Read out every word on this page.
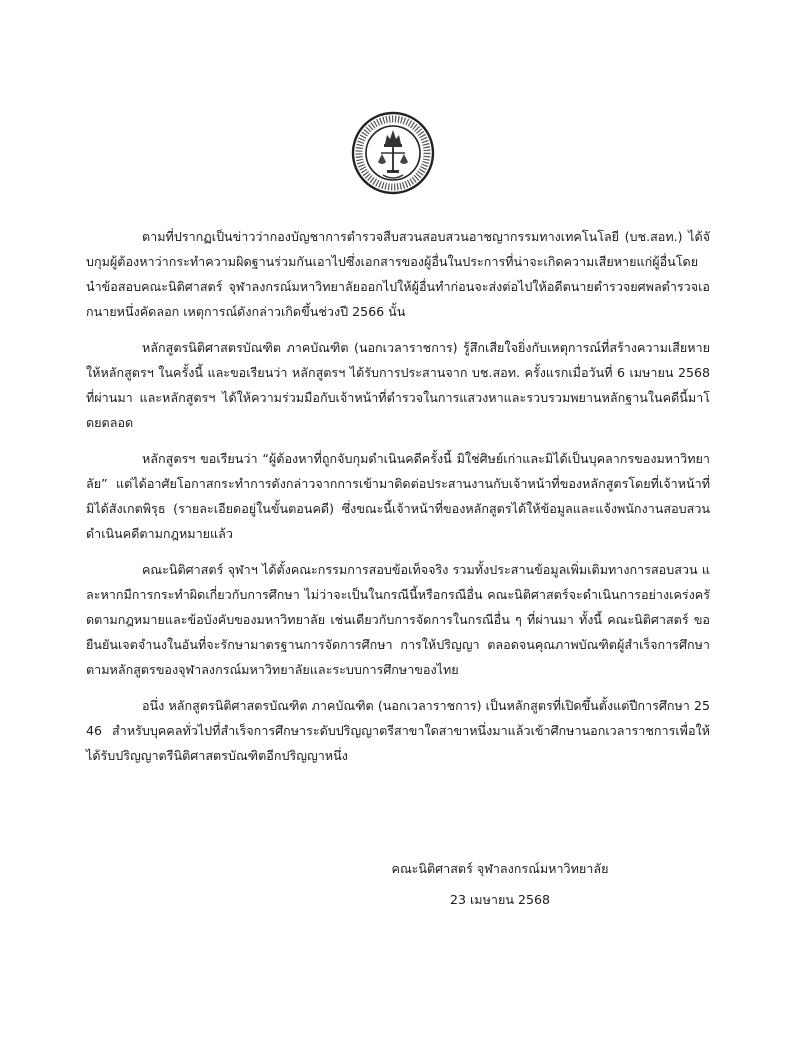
ตามที่ปรากฏเป็นข่าวว่ากองบัญชาการตำรวจสืบสวนสอบสวนอาชญากรรมทางเทคโนโลยี (บช.สอท.) ได้จับกุมผู้ต้องหาว่ากระทำความผิดฐานร่วมกันเอาไปซึ่งเอกสารของผู้อื่นในประการที่น่าจะเกิดความเสียหายแก่ผู้อื่นโดยนำข้อสอบคณะนิติศาสตร์ จุฬาลงกรณ์มหาวิทยาลัยออกไปให้ผู้อื่นทำก่อนจะส่งต่อไปให้อดีตนายตำรวจยศพลตำรวจเอกนายหนึ่งคัดลอก เหตุการณ์ดังกล่าวเกิดขึ้นช่วงปี 2566 นั้น

หลักสูตรนิติศาสตรบัณฑิต ภาคบัณฑิต (นอกเวลาราชการ) รู้สึกเสียใจยิ่งกับเหตุการณ์ที่สร้างความเสียหายให้หลักสูตรฯ ในครั้งนี้ และขอเรียนว่า หลักสูตรฯ ได้รับการประสานจาก บช.สอท. ครั้งแรกเมื่อวันที่ 6 เมษายน 2568 ที่ผ่านมา และหลักสูตรฯ ได้ให้ความร่วมมือกับเจ้าหน้าที่ตำรวจในการแสวงหาและรวบรวมพยานหลักฐานในคดีนี้มาโดยตลอด

หลักสูตรฯ ขอเรียนว่า “ผู้ต้องหาที่ถูกจับกุมดำเนินคดีครั้งนี้ มิใช่ศิษย์เก่าและมิได้เป็นบุคลากรของมหาวิทยาลัย” แต่ได้อาศัยโอกาสกระทำการดังกล่าวจากการเข้ามาติดต่อประสานงานกับเจ้าหน้าที่ของหลักสูตรโดยที่เจ้าหน้าที่มิได้สังเกตพิรุธ (รายละเอียดอยู่ในขั้นตอนคดี) ซึ่งขณะนี้เจ้าหน้าที่ของหลักสูตรได้ให้ข้อมูลและแจ้งพนักงานสอบสวนดำเนินคดีตามกฎหมายแล้ว

คณะนิติศาสตร์ จุฬาฯ ได้ตั้งคณะกรรมการสอบข้อเท็จจริง รวมทั้งประสานข้อมูลเพิ่มเติมทางการสอบสวน และหากมีการกระทำผิดเกี่ยวกับการศึกษา ไม่ว่าจะเป็นในกรณีนี้หรือกรณีอื่น คณะนิติศาสตร์จะดำเนินการอย่างเคร่งครัดตามกฎหมายและข้อบังคับของมหาวิทยาลัย เช่นเดียวกับการจัดการในกรณีอื่น ๆ ที่ผ่านมา ทั้งนี้ คณะนิติศาสตร์ ขอยืนยันเจตจำนงในอันที่จะรักษามาตรฐานการจัดการศึกษา การให้ปริญญา ตลอดจนคุณภาพบัณฑิตผู้สำเร็จการศึกษาตามหลักสูตรของจุฬาลงกรณ์มหาวิทยาลัยและระบบการศึกษาของไทย

อนึ่ง หลักสูตรนิติศาสตรบัณฑิต ภาคบัณฑิต (นอกเวลาราชการ) เป็นหลักสูตรที่เปิดขึ้นตั้งแต่ปีการศึกษา 2546 สำหรับบุคคลทั่วไปที่สำเร็จการศึกษาระดับปริญญาตรีสาขาใดสาขาหนึ่งมาแล้วเข้าศึกษานอกเวลาราชการเพื่อให้ได้รับปริญญาตรีนิติศาสตรบัณฑิตอีกปริญญาหนึ่ง

คณะนิติศาสตร์ จุฬาลงกรณ์มหาวิทยาลัย
23 เมษายน 2568
